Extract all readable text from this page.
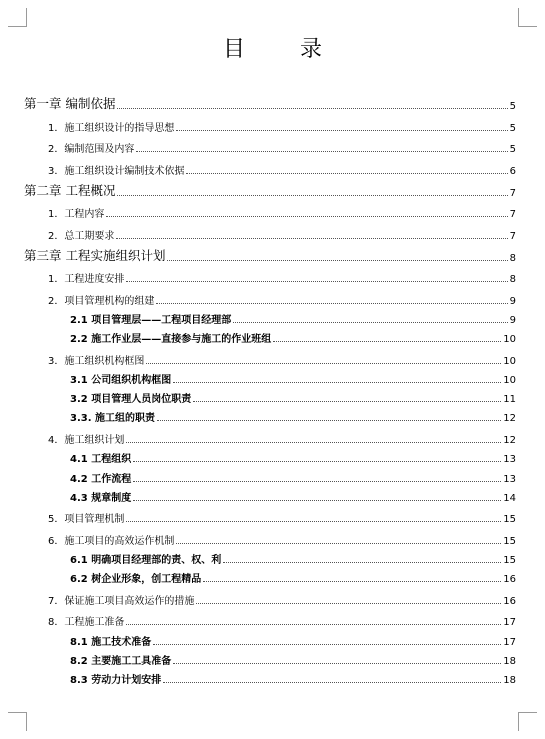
目 录
第一章 编制依据	5
1．施工组织设计的指导思想	5
2．编制范围及内容	5
3．施工组织设计编制技术依据	6
第二章 工程概况	7
1．工程内容	7
2．总工期要求	7
第三章 工程实施组织计划	8
1．工程进度安排	8
2．项目管理机构的组建	9
2.1 项目管理层——工程项目经理部	9
2.2 施工作业层——直接参与施工的作业班组	10
3．施工组织机构框图	10
3.1 公司组织机构框图	10
3.2 项目管理人员岗位职责	11
3.3. 施工组的职责	12
4．施工组织计划	12
4.1 工程组织	13
4.2 工作流程	13
4.3 规章制度	14
5．项目管理机制	15
6．施工项目的高效运作机制	15
6.1 明确项目经理部的责、权、利	15
6.2 树企业形象，创工程精品	16
7．保证施工项目高效运作的措施	16
8．工程施工准备	17
8.1 施工技术准备	17
8.2 主要施工工具准备	18
8.3 劳动力计划安排	18
